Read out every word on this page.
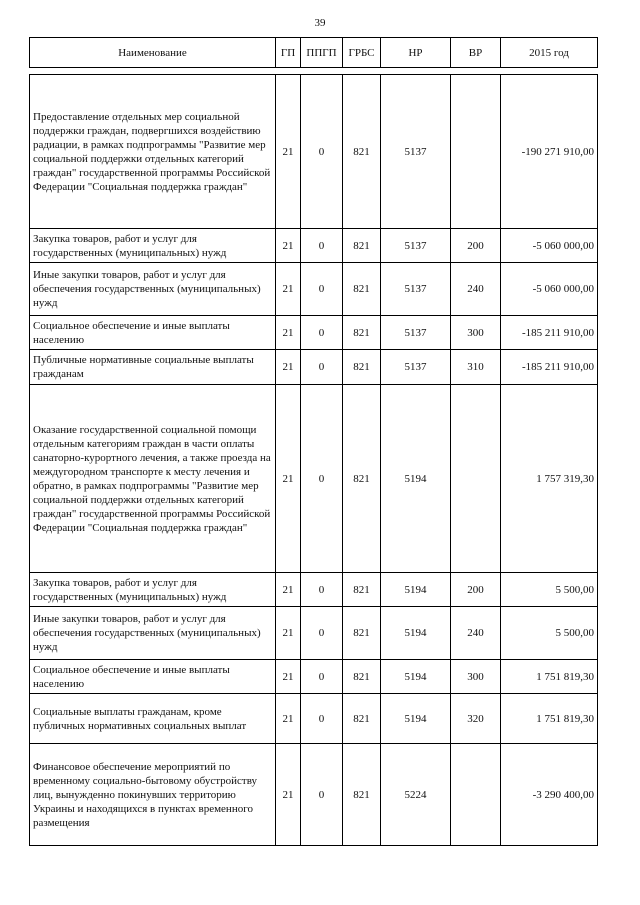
39
Наименование	ГП	ППГП	ГРБС	НР	ВР	2015 год

Предоставление отдельных мер социальной поддержки граждан, подвергшихся воздействию радиации, в рамках подпрограммы "Развитие мер социальной поддержки отдельных категорий граждан" государственной программы Российской Федерации "Социальная поддержка граждан"	21	0	821	5137		-190 271 910,00
Закупка товаров, работ и услуг для государственных (муниципальных) нужд	21	0	821	5137	200	-5 060 000,00
Иные закупки товаров, работ и услуг для обеспечения государственных (муниципальных) нужд	21	0	821	5137	240	-5 060 000,00
Социальное обеспечение и иные выплаты населению	21	0	821	5137	300	-185 211 910,00
Публичные нормативные социальные выплаты гражданам	21	0	821	5137	310	-185 211 910,00
Оказание государственной социальной помощи отдельным категориям граждан в части оплаты санаторно-курортного лечения, а также проезда на междугородном транспорте к месту лечения и обратно, в рамках подпрограммы "Развитие мер социальной поддержки отдельных категорий граждан" государственной программы Российской Федерации "Социальная поддержка граждан"	21	0	821	5194		1 757 319,30
Закупка товаров, работ и услуг для государственных (муниципальных) нужд	21	0	821	5194	200	5 500,00
Иные закупки товаров, работ и услуг для обеспечения государственных (муниципальных) нужд	21	0	821	5194	240	5 500,00
Социальное обеспечение и иные выплаты населению	21	0	821	5194	300	1 751 819,30
Социальные выплаты гражданам, кроме публичных нормативных социальных выплат	21	0	821	5194	320	1 751 819,30
Финансовое обеспечение мероприятий по временному социально-бытовому обустройству лиц, вынужденно покинувших территорию Украины и находящихся в пунктах временного размещения	21	0	821	5224		-3 290 400,00
